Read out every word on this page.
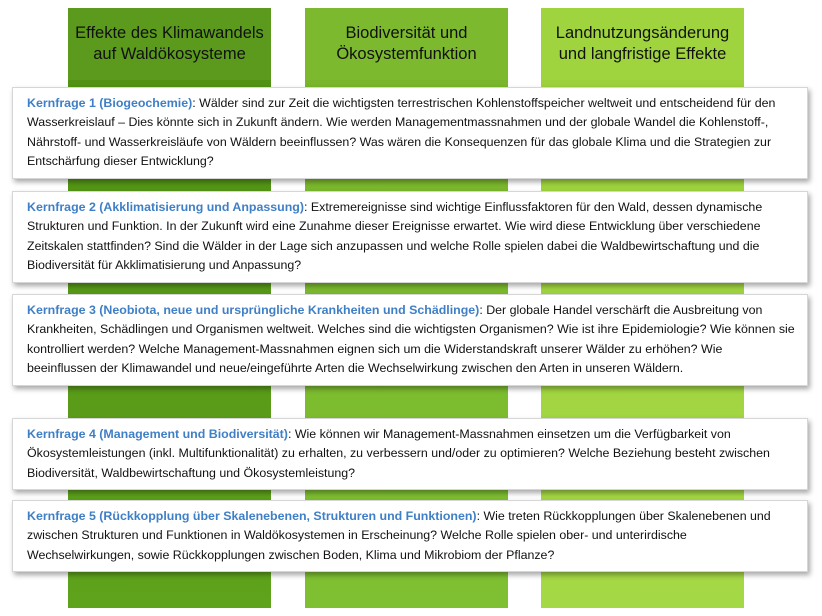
Effekte des Klimawandels auf Waldökosysteme
Biodiversität und Ökosystemfunktion
Landnutzungsänderung und langfristige Effekte
Kernfrage 1 (Biogeochemie): Wälder sind zur Zeit die wichtigsten terrestrischen Kohlenstoffspeicher weltweit und entscheidend für den Wasserkreislauf – Dies könnte sich in Zukunft ändern. Wie werden Managementmassnahmen und der globale Wandel die Kohlenstoff-, Nährstoff- und Wasserkreisläufe von Wäldern beeinflussen? Was wären die Konsequenzen für das globale Klima und die Strategien zur Entschärfung dieser Entwicklung?
Kernfrage 2 (Akklimatisierung und Anpassung): Extremereignisse sind wichtige Einflussfaktoren für den Wald, dessen dynamische Strukturen und Funktion. In der Zukunft wird eine Zunahme dieser Ereignisse erwartet. Wie wird diese Entwicklung über verschiedene Zeitskalen stattfinden? Sind die Wälder in der Lage sich anzupassen und welche Rolle spielen dabei die Waldbewirtschaftung und die Biodiversität für Akklimatisierung und Anpassung?
Kernfrage 3 (Neobiota, neue und ursprüngliche Krankheiten und Schädlinge): Der globale Handel verschärft die Ausbreitung von Krankheiten, Schädlingen und Organismen weltweit. Welches sind die wichtigsten Organismen? Wie ist ihre Epidemiologie? Wie können sie kontrolliert werden? Welche Management-Massnahmen eignen sich um die Widerstandskraft unserer Wälder zu erhöhen? Wie beeinflussen der Klimawandel und neue/eingeführte Arten die Wechselwirkung zwischen den Arten in unseren Wäldern.
Kernfrage 4 (Management und Biodiversität): Wie können wir Management-Massnahmen einsetzen um die Verfügbarkeit von Ökosystemleistungen (inkl. Multifunktionalität) zu erhalten, zu verbessern und/oder zu optimieren? Welche Beziehung besteht zwischen Biodiversität, Waldbewirtschaftung und Ökosystemleistung?
Kernfrage 5 (Rückkopplung über Skalenebenen, Strukturen und Funktionen): Wie treten Rückkopplungen über Skalenebenen und zwischen Strukturen und Funktionen in Waldökosystemen in Erscheinung? Welche Rolle spielen ober- und unterirdische Wechselwirkungen, sowie Rückkopplungen zwischen Boden, Klima und Mikrobiom der Pflanze?
